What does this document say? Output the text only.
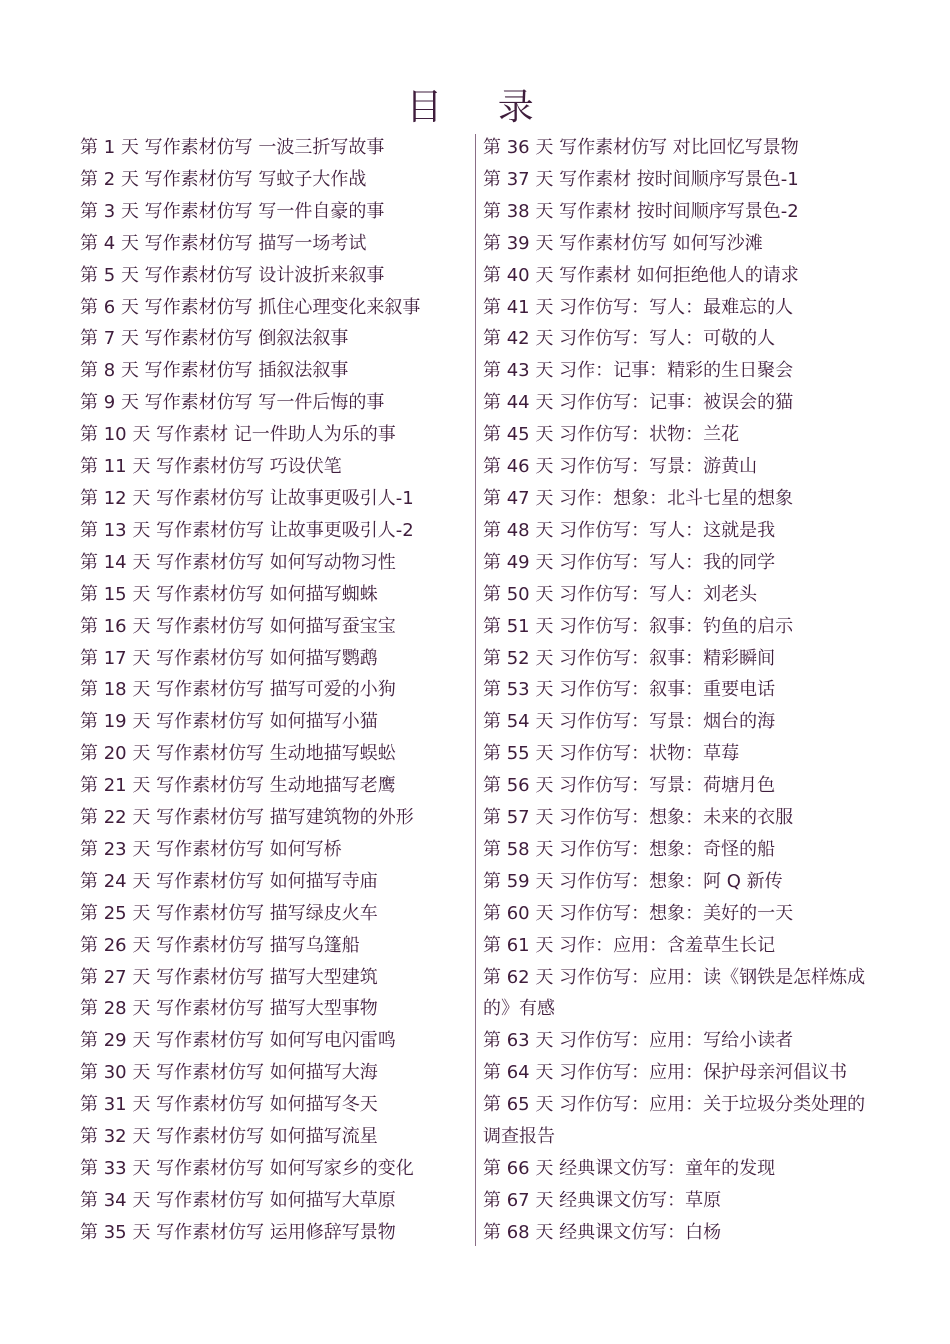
目 录
第 1 天 写作素材仿写 一波三折写故事
第 2 天 写作素材仿写 写蚊子大作战
第 3 天 写作素材仿写 写一件自豪的事
第 4 天 写作素材仿写 描写一场考试
第 5 天 写作素材仿写 设计波折来叙事
第 6 天 写作素材仿写 抓住心理变化来叙事
第 7 天 写作素材仿写 倒叙法叙事
第 8 天 写作素材仿写 插叙法叙事
第 9 天 写作素材仿写 写一件后悔的事
第 10 天 写作素材 记一件助人为乐的事
第 11 天 写作素材仿写 巧设伏笔
第 12 天 写作素材仿写 让故事更吸引人-1
第 13 天 写作素材仿写 让故事更吸引人-2
第 14 天 写作素材仿写 如何写动物习性
第 15 天 写作素材仿写 如何描写蜘蛛
第 16 天 写作素材仿写 如何描写蚕宝宝
第 17 天 写作素材仿写 如何描写鹦鹉
第 18 天 写作素材仿写 描写可爱的小狗
第 19 天 写作素材仿写 如何描写小猫
第 20 天 写作素材仿写 生动地描写蜈蚣
第 21 天 写作素材仿写 生动地描写老鹰
第 22 天 写作素材仿写 描写建筑物的外形
第 23 天 写作素材仿写 如何写桥
第 24 天 写作素材仿写 如何描写寺庙
第 25 天 写作素材仿写 描写绿皮火车
第 26 天 写作素材仿写 描写乌篷船
第 27 天 写作素材仿写 描写大型建筑
第 28 天 写作素材仿写 描写大型事物
第 29 天 写作素材仿写 如何写电闪雷鸣
第 30 天 写作素材仿写 如何描写大海
第 31 天 写作素材仿写 如何描写冬天
第 32 天 写作素材仿写 如何描写流星
第 33 天 写作素材仿写 如何写家乡的变化
第 34 天 写作素材仿写 如何描写大草原
第 35 天 写作素材仿写 运用修辞写景物
第 36 天 写作素材仿写 对比回忆写景物
第 37 天 写作素材 按时间顺序写景色-1
第 38 天 写作素材 按时间顺序写景色-2
第 39 天 写作素材仿写 如何写沙滩
第 40 天 写作素材 如何拒绝他人的请求
第 41 天 习作仿写：写人：最难忘的人
第 42 天 习作仿写：写人：可敬的人
第 43 天 习作：记事：精彩的生日聚会
第 44 天 习作仿写：记事：被误会的猫
第 45 天 习作仿写：状物：兰花
第 46 天 习作仿写：写景：游黄山
第 47 天 习作：想象：北斗七星的想象
第 48 天 习作仿写：写人：这就是我
第 49 天 习作仿写：写人：我的同学
第 50 天 习作仿写：写人：刘老头
第 51 天 习作仿写：叙事：钓鱼的启示
第 52 天 习作仿写：叙事：精彩瞬间
第 53 天 习作仿写：叙事：重要电话
第 54 天 习作仿写：写景：烟台的海
第 55 天 习作仿写：状物：草莓
第 56 天 习作仿写：写景：荷塘月色
第 57 天 习作仿写：想象：未来的衣服
第 58 天 习作仿写：想象：奇怪的船
第 59 天 习作仿写：想象：阿 Q 新传
第 60 天 习作仿写：想象：美好的一天
第 61 天 习作：应用：含羞草生长记
第 62 天 习作仿写：应用：读《钢铁是怎样炼成的》有感
第 63 天 习作仿写：应用：写给小读者
第 64 天 习作仿写：应用：保护母亲河倡议书
第 65 天 习作仿写：应用：关于垃圾分类处理的调查报告
第 66 天 经典课文仿写：童年的发现
第 67 天 经典课文仿写：草原
第 68 天 经典课文仿写：白杨
